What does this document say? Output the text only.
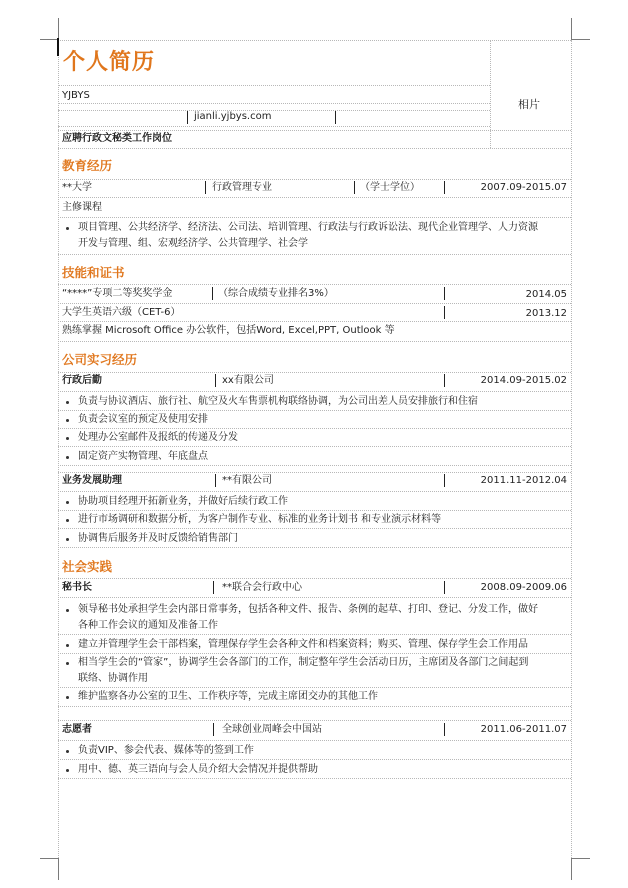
个人简历
YJBYS
jianli.yjbys.com
相片
应聘行政文秘类工作岗位
教育经历
**大学	行政管理专业	（学士学位）	2007.09-2015.07
主修课程
项目管理、公共经济学、经济法、公司法、培训管理、行政法与行政诉讼法、现代企业管理学、人力资源
开发与管理、组、宏观经济学、公共管理学、社会学
技能和证书
“****”专项二等奖奖学金	（综合成绩专业排名3%）	2014.05
大学生英语六级（CET-6）	2013.12
熟练掌握 Microsoft Office 办公软件，包括Word, Excel,PPT, Outlook 等
公司实习经历
行政后勤	xx有限公司	2014.09-2015.02
负责与协议酒店、旅行社、航空及火车售票机构联络协调，为公司出差人员安排旅行和住宿
负责会议室的预定及使用安排
处理办公室邮件及报纸的传递及分发
固定资产实物管理、年底盘点
业务发展助理	**有限公司	2011.11-2012.04
协助项目经理开拓新业务，并做好后续行政工作
进行市场调研和数据分析，为客户制作专业、标准的业务计划书 和专业演示材料等
协调售后服务并及时反馈给销售部门
社会实践
秘书长	**联合会行政中心	2008.09-2009.06
领导秘书处承担学生会内部日常事务，包括各种文件、报告、条例的起草、打印、登记、分发工作，做好
各种工作会议的通知及准备工作
建立并管理学生会干部档案，管理保存学生会各种文件和档案资料；购买、管理、保存学生会工作用品
相当学生会的“管家”，协调学生会各部门的工作，制定整年学生会活动日历，主席团及各部门之间起到
联络、协调作用
维护监察各办公室的卫生、工作秩序等，完成主席团交办的其他工作
志愿者	全球创业周峰会中国站	2011.06-2011.07
负责VIP、参会代表、媒体等的签到工作
用中、德、英三语向与会人员介绍大会情况并提供帮助
